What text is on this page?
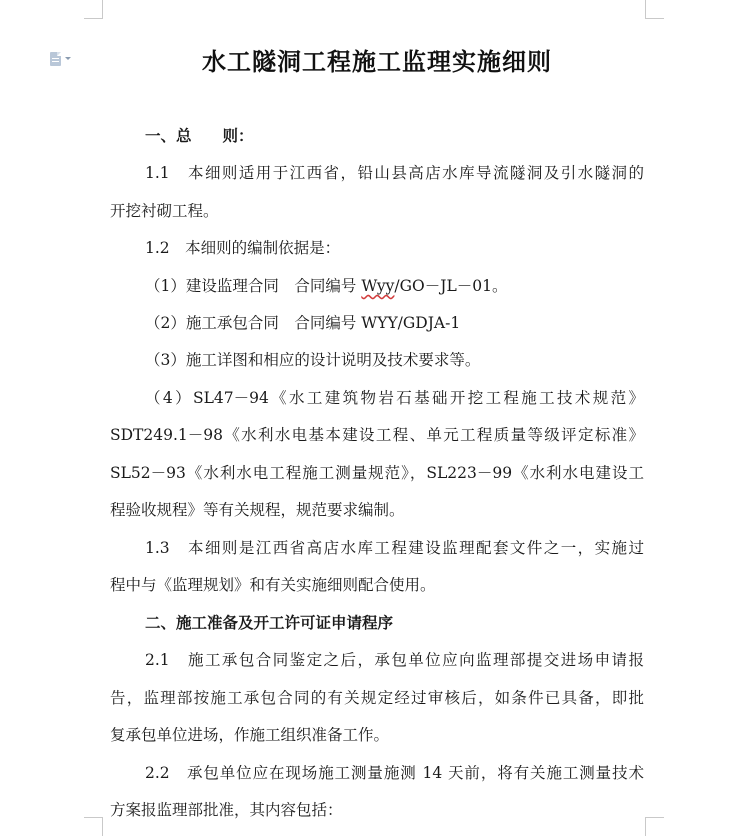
水工隧洞工程施工监理实施细则
一、总　　则：
1.1　本细则适用于江西省，铅山县高店水库导流隧洞及引水隧洞的
开挖衬砌工程。
1.2　本细则的编制依据是：
（1）建设监理合同　合同编号 Wyy/GO－JL－01。
（2）施工承包合同　合同编号 WYY/GDJA-1
（3）施工详图和相应的设计说明及技术要求等。
（4）SL47－94《水工建筑物岩石基础开挖工程施工技术规范》
SDT249.1－98《水利水电基本建设工程、单元工程质量等级评定标准》
SL52－93《水利水电工程施工测量规范》，SL223－99《水利水电建设工
程验收规程》等有关规程，规范要求编制。
1.3　本细则是江西省高店水库工程建设监理配套文件之一，实施过
程中与《监理规划》和有关实施细则配合使用。
二、施工准备及开工许可证申请程序
2.1　施工承包合同鉴定之后，承包单位应向监理部提交进场申请报
告，监理部按施工承包合同的有关规定经过审核后，如条件已具备，即批
复承包单位进场，作施工组织准备工作。
2.2　承包单位应在现场施工测量施测 14 天前，将有关施工测量技术
方案报监理部批准，其内容包括：
